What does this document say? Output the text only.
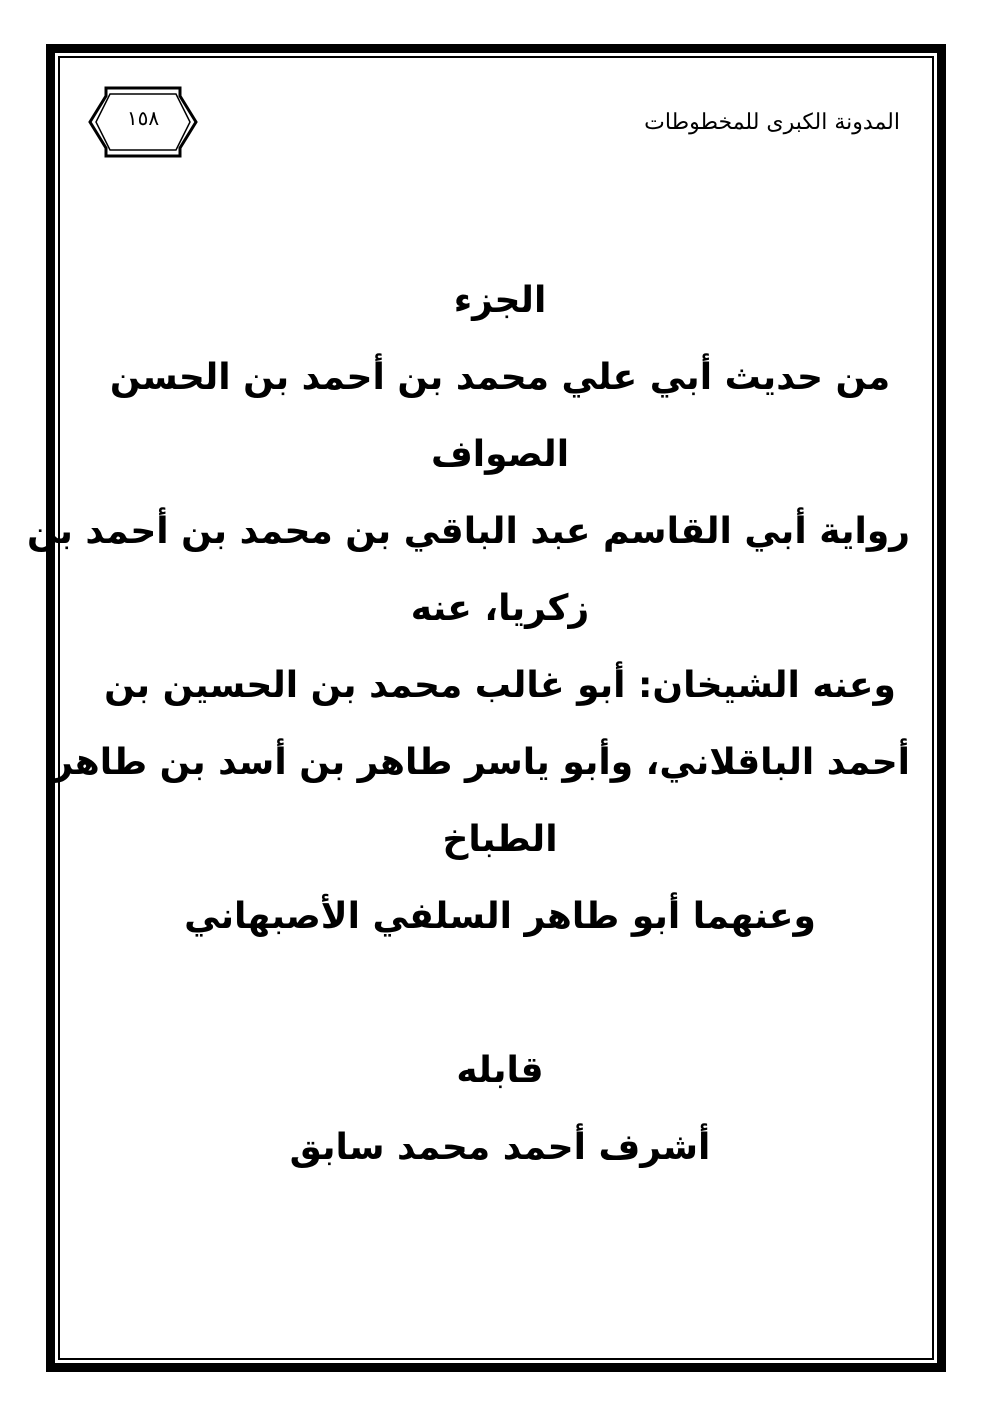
المدونة الكبرى للمخطوطات
١٥٨
الجزء
من حديث أبي علي محمد بن أحمد بن الحسن
الصواف
رواية أبي القاسم عبد الباقي بن محمد بن أحمد بن
زكريا، عنه
وعنه الشيخان: أبو غالب محمد بن الحسين بن
أحمد الباقلاني، وأبو ياسر طاهر بن أسد بن طاهر
الطباخ
وعنهما أبو طاهر السلفي الأصبهاني
قابله
أشرف أحمد محمد سابق
